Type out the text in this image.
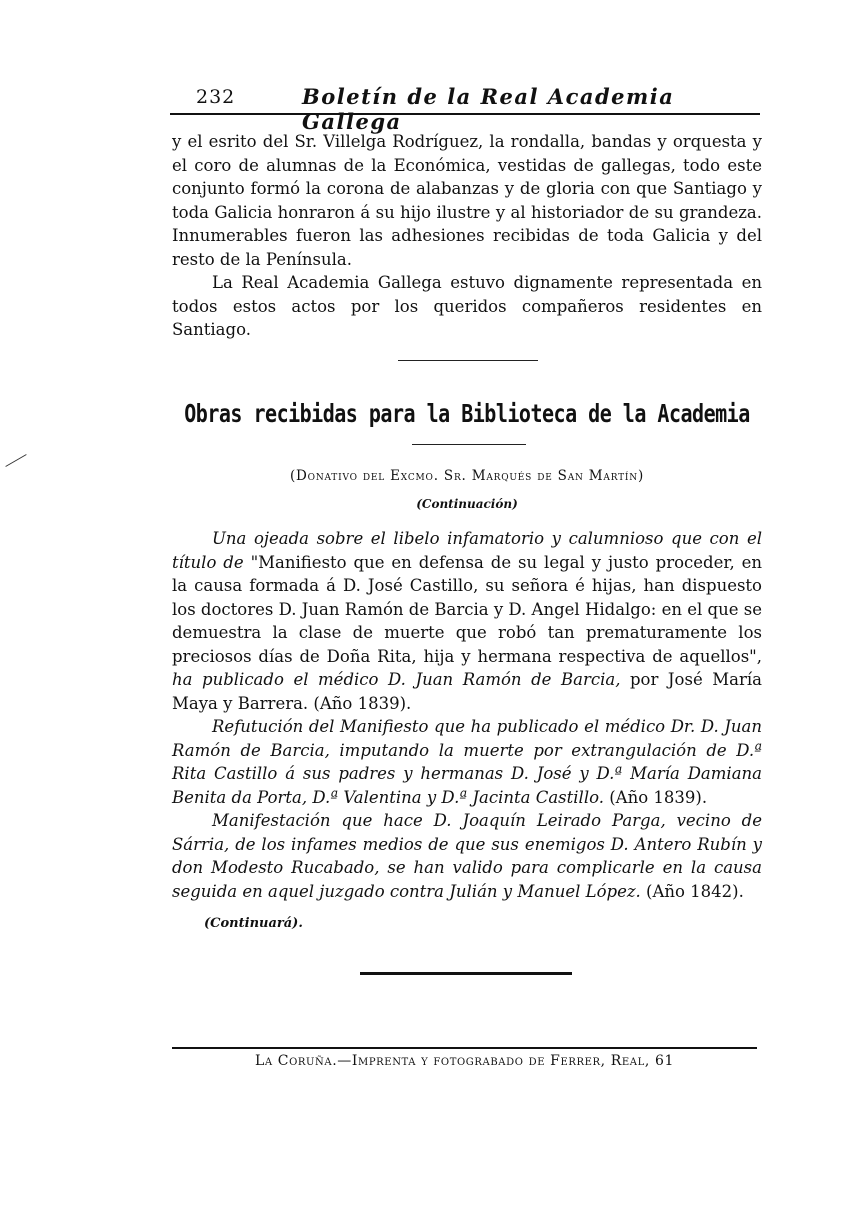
232	Boletín de la Real Academia Gallega

y el esrito del Sr. Villelga Rodríguez, la rondalla, bandas y orquesta y el coro de alumnas de la Económica, vestidas de gallegas, todo este conjunto formó la corona de alabanzas y de gloria con que Santiago y toda Galicia honraron á su hijo ilustre y al historiador de su grandeza. Innumerables fueron las adhesiones recibidas de toda Galicia y del resto de la Península.

La Real Academia Gallega estuvo dignamente representada en todos estos actos por los queridos compañeros residentes en Santiago.

Obras recibidas para la Biblioteca de la Academia
(Donativo del Excmo. Sr. Marqués de San Martín)
(Continuación)

Una ojeada sobre el libelo infamatorio y calumnioso que con el título de "Manifiesto que en defensa de su legal y justo proceder, en la causa formada á D. José Castillo, su señora é hijas, han dispuesto los doctores D. Juan Ramón de Barcia y D. Angel Hidalgo: en el que se demuestra la clase de muerte que robó tan prematuramente los preciosos días de Doña Rita, hija y hermana respectiva de aquellos", ha publicado el médico D. Juan Ramón de Barcia, por José María Maya y Barrera. (Año 1839).

Refutución del Manifiesto que ha publicado el médico Dr. D. Juan Ramón de Barcia, imputando la muerte por extrangulación de D.ª Rita Castillo á sus padres y hermanas D. José y D.ª María Damiana Benita da Porta, D.ª Valentina y D.ª Jacinta Castillo. (Año 1839).

Manifestación que hace D. Joaquín Leirado Parga, vecino de Sárria, de los infames medios de que sus enemigos D. Antero Rubín y don Modesto Rucabado, se han valido para complicarle en la causa seguida en aquel juzgado contra Julián y Manuel López. (Año 1842).

(Continuará).
La Coruña.—Imprenta y fotograbado de Ferrer, Real, 61
